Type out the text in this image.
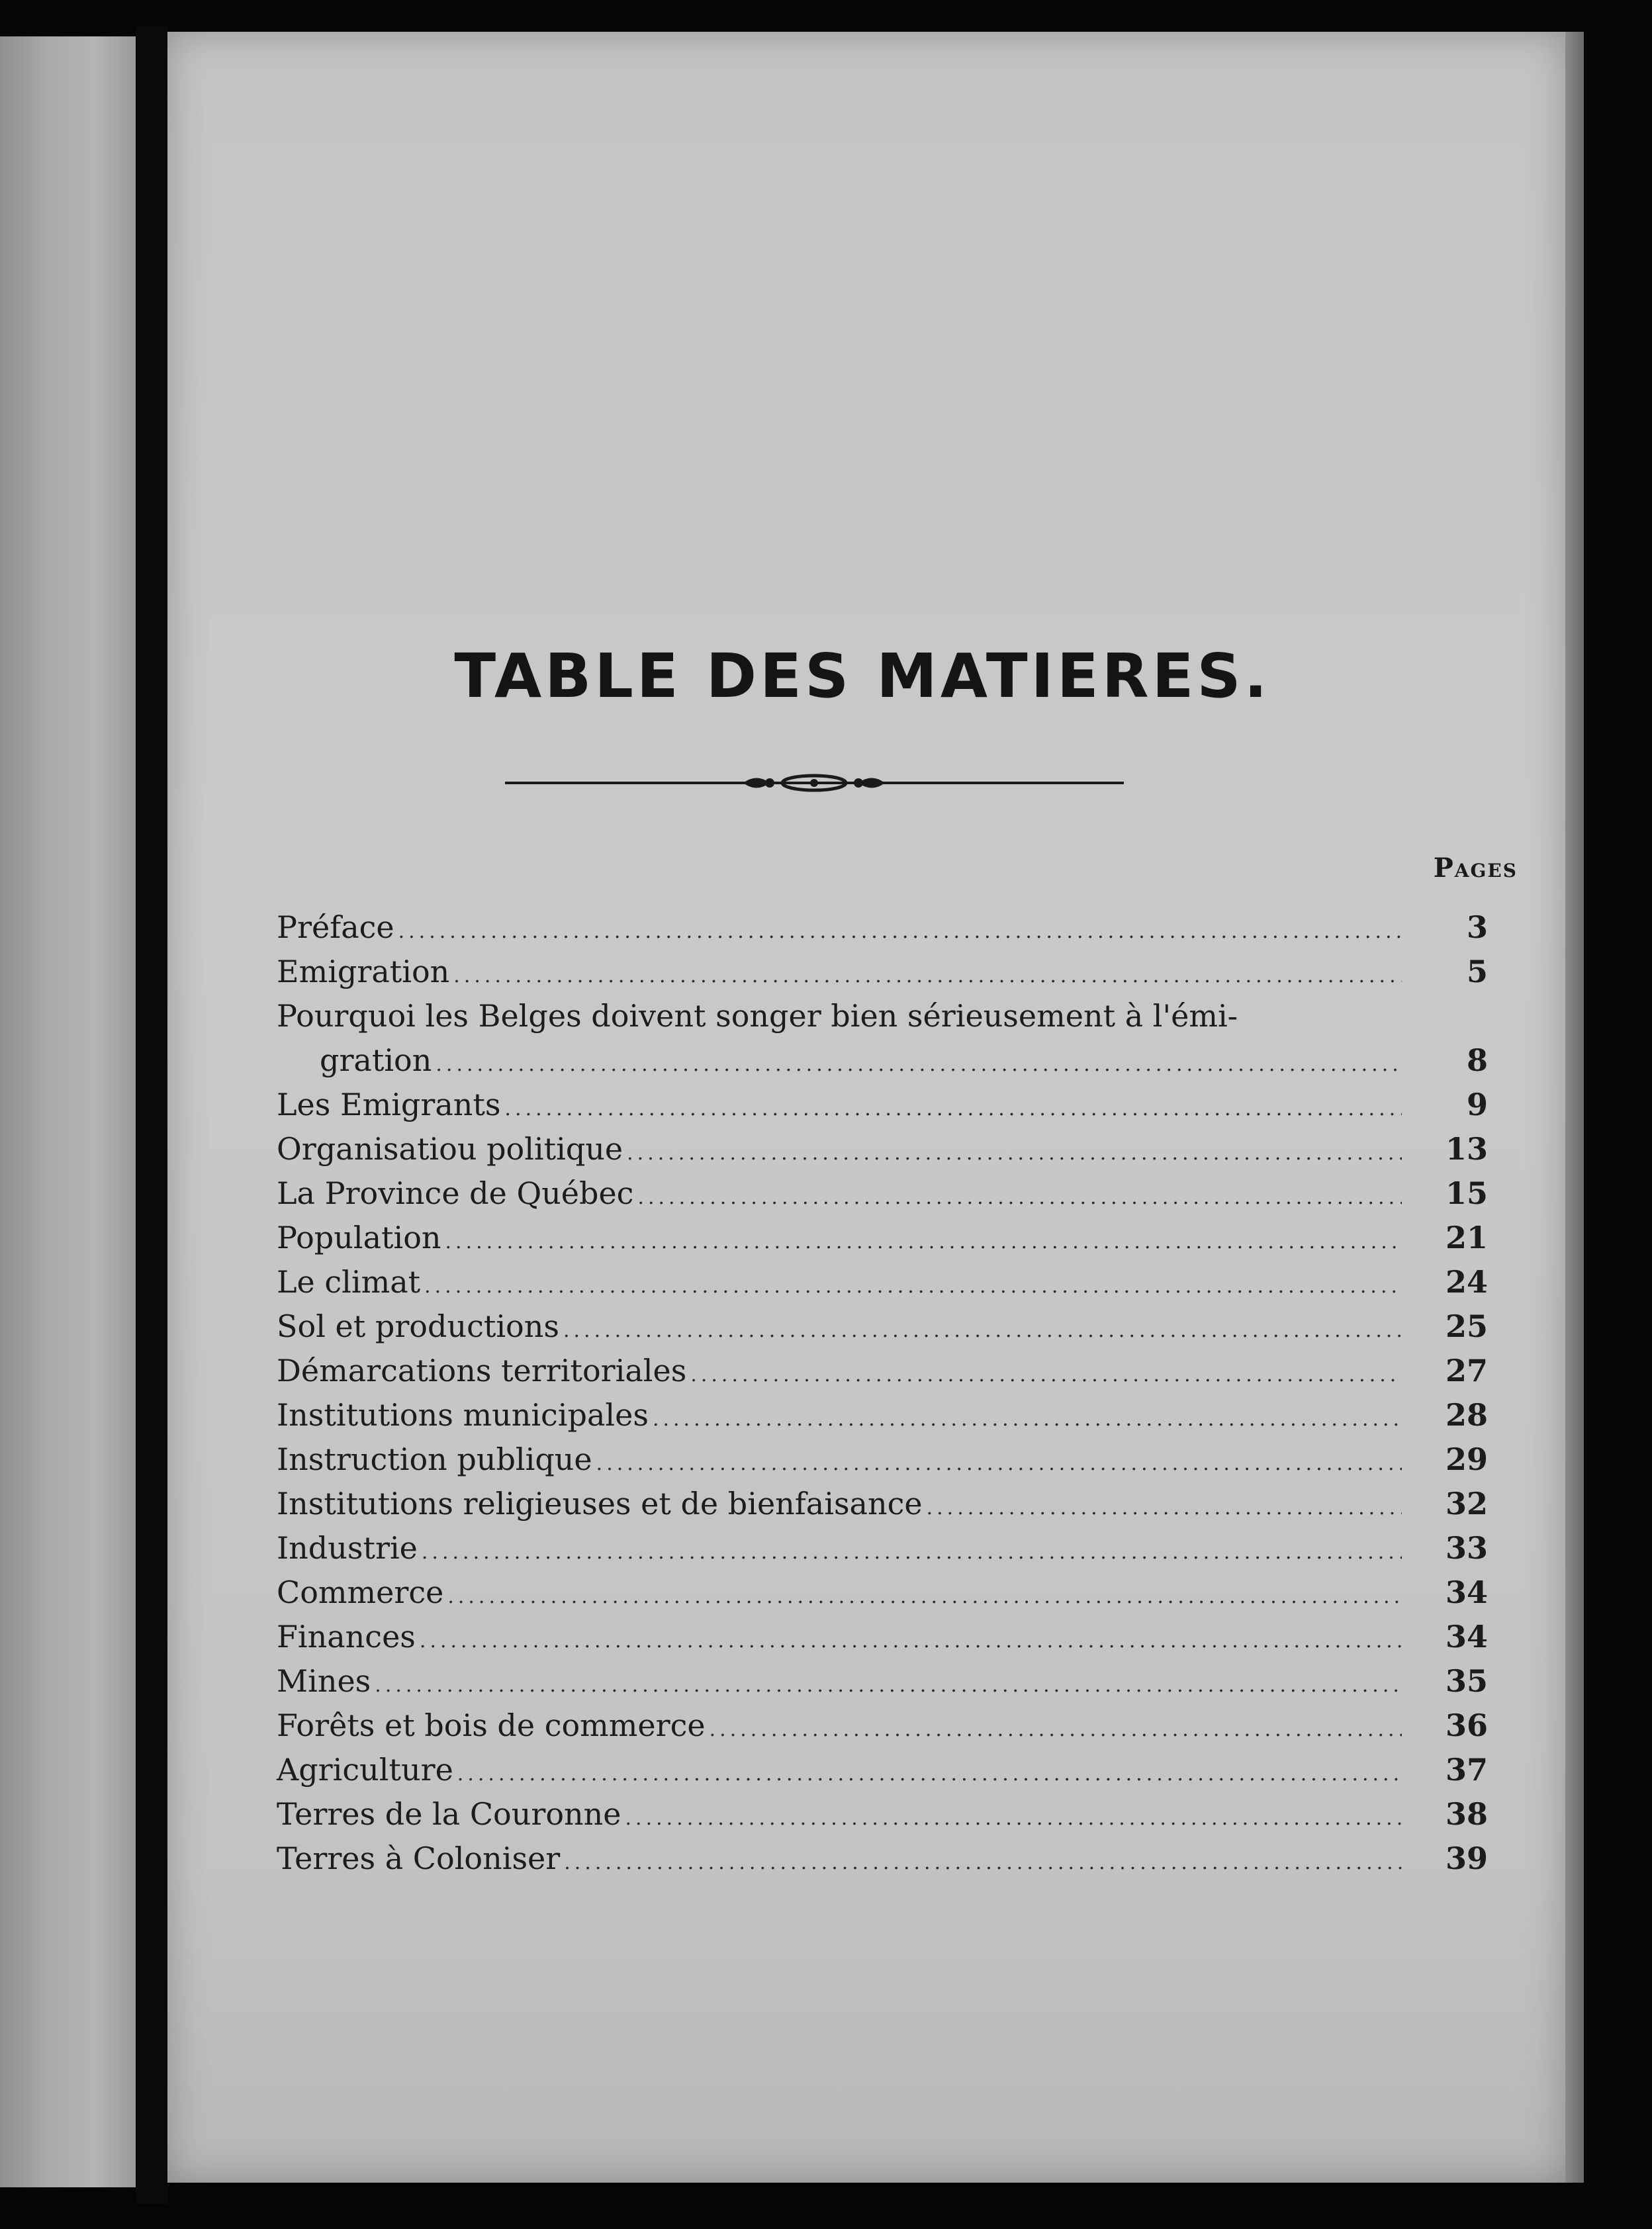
TABLE DES MATIERES.
Pages
Préface .....	3
Emigration .....	5
Pourquoi les Belges doivent songer bien sérieusement à l'émi-
gration .....	8
Les Emigrants .....	9
Organisatiou politique .....	13
La Province de Québec .....	15
Population .....	21
Le climat .....	24
Sol et productions .....	25
Démarcations territoriales .....	27
Institutions municipales .....	28
Instruction publique .....	29
Institutions religieuses et de bienfaisance .....	32
Industrie .....	33
Commerce .....	34
Finances .....	34
Mines .....	35
Forêts et bois de commerce .....	36
Agriculture .....	37
Terres de la Couronne .....	38
Terres à Coloniser .....	39
